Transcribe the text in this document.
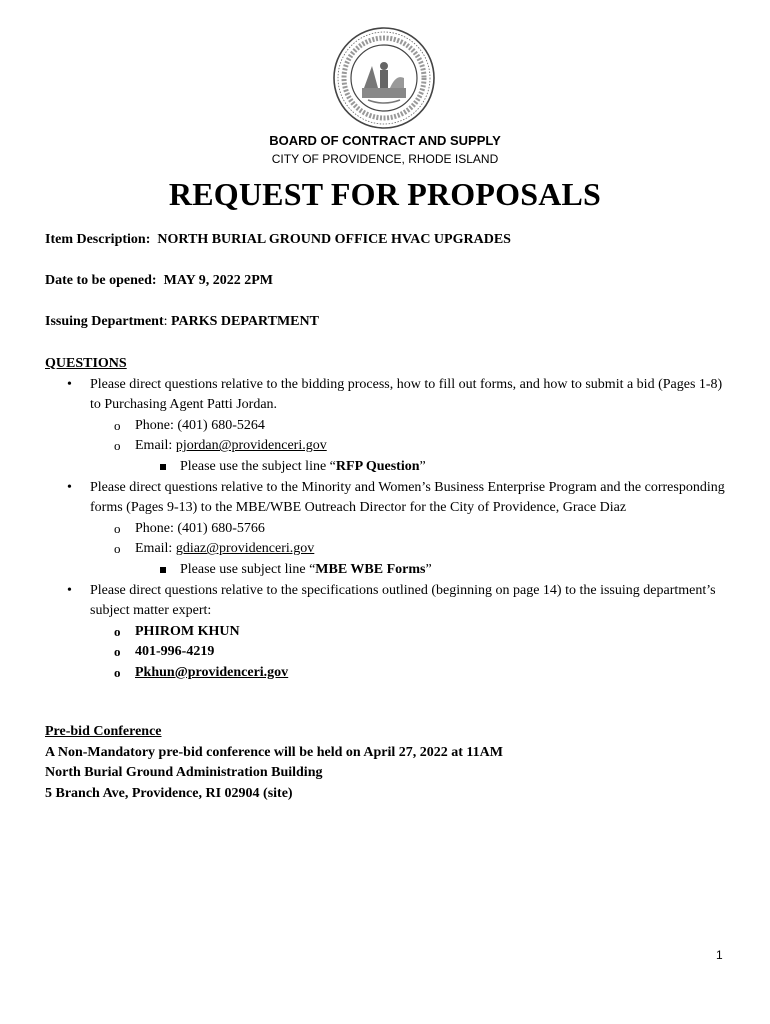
BOARD OF CONTRACT AND SUPPLY
CITY OF PROVIDENCE, RHODE ISLAND
REQUEST FOR PROPOSALS
Item Description: NORTH BURIAL GROUND OFFICE HVAC UPGRADES
Date to be opened: MAY 9, 2022 2PM
Issuing Department: PARKS DEPARTMENT
QUESTIONS
• Please direct questions relative to the bidding process, how to fill out forms, and how to submit a bid (Pages 1-8) to Purchasing Agent Patti Jordan.
o Phone: (401) 680-5264
o Email: pjordan@providenceri.gov
Please use the subject line “RFP Question”
• Please direct questions relative to the Minority and Women’s Business Enterprise Program and the corresponding forms (Pages 9-13) to the MBE/WBE Outreach Director for the City of Providence, Grace Diaz
o Phone: (401) 680-5766
o Email: gdiaz@providenceri.gov
Please use subject line “MBE WBE Forms”
• Please direct questions relative to the specifications outlined (beginning on page 14) to the issuing department’s subject matter expert:
o PHIROM KHUN
o 401-996-4219
o Pkhun@providenceri.gov
Pre-bid Conference
A Non-Mandatory pre-bid conference will be held on April 27, 2022 at 11AM
North Burial Ground Administration Building
5 Branch Ave, Providence, RI 02904 (site)
1
